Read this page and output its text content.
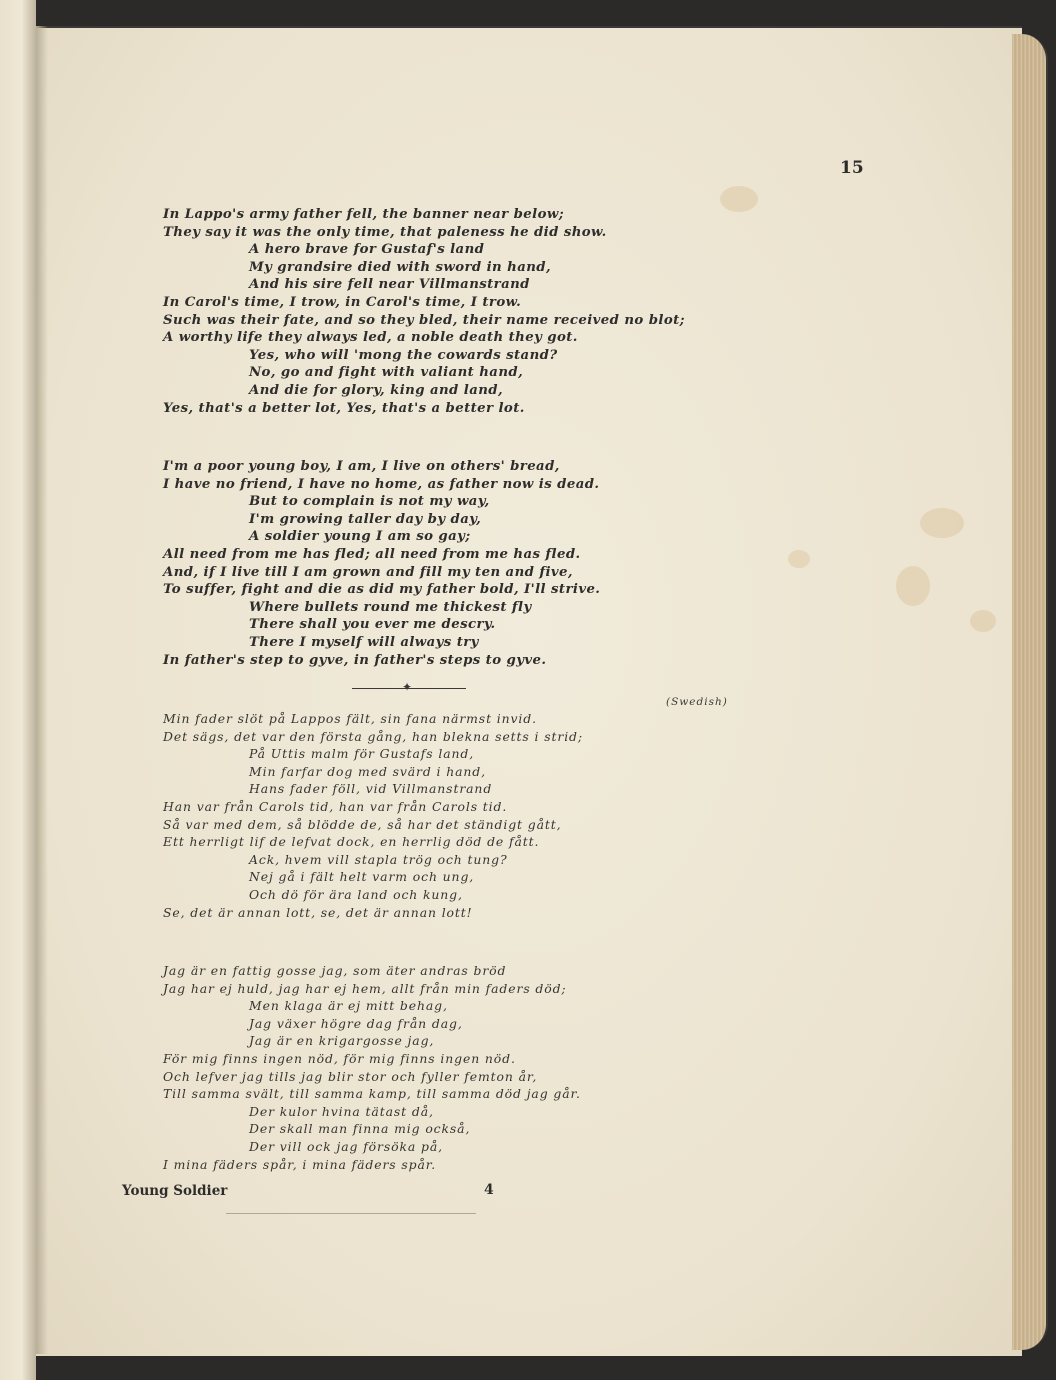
15
In Lappo's army father fell, the banner near below;
They say it was the only time, that paleness he did show.
A hero brave for Gustaf's land
My grandsire died with sword in hand,
And his sire fell near Villmanstrand
In Carol's time, I trow, in Carol's time, I trow.
Such was their fate, and so they bled, their name received no blot;
A worthy life they always led, a noble death they got.
Yes, who will 'mong the cowards stand?
No, go and fight with valiant hand,
And die for glory, king and land,
Yes, that's a better lot, Yes, that's a better lot.
I'm a poor young boy, I am, I live on others' bread,
I have no friend, I have no home, as father now is dead.
But to complain is not my way,
I'm growing taller day by day,
A soldier young I am so gay;
All need from me has fled; all need from me has fled.
And, if I live till I am grown and fill my ten and five,
To suffer, fight and die as did my father bold, I'll strive.
Where bullets round me thickest fly
There shall you ever me descry.
There I myself will always try
In father's step to gyve, in father's steps to gyve.
✦
(Swedish)
Min fader slöt på Lappos fält, sin fana närmst invid.
Det sägs, det var den första gång, han bleknа setts i strid;
På Uttis malm för Gustafs land,
Min farfar dog med svärd i hand,
Hans fader föll, vid Villmanstrand
Han var från Carols tid, han var från Carols tid.
Så var med dem, så blödde de, så har det ständigt gått,
Ett herrligt lif de lefvat dock, en herrlig död de fått.
Ack, hvem vill stapla trög och tung?
Nej gå i fält helt varm och ung,
Och dö för ära land och kung,
Se, det är annan lott, se, det är annan lott!
Jag är en fattig gosse jag, som äter andras bröd
Jag har ej huld, jag har ej hem, allt från min faders död;
Men klaga är ej mitt behag,
Jag växer högre dag från dag,
Jag är en krigargosse jag,
För mig finns ingen nöd, för mig finns ingen nöd.
Och lefver jag tills jag blir stor och fyller femton år,
Till samma svält, till samma kamp, till samma död jag går.
Der kulor hvina tätast då,
Der skall man finna mig också,
Der vill ock jag försöka på,
I mina fäders spår, i mina fäders spår.
Young Soldier	4
